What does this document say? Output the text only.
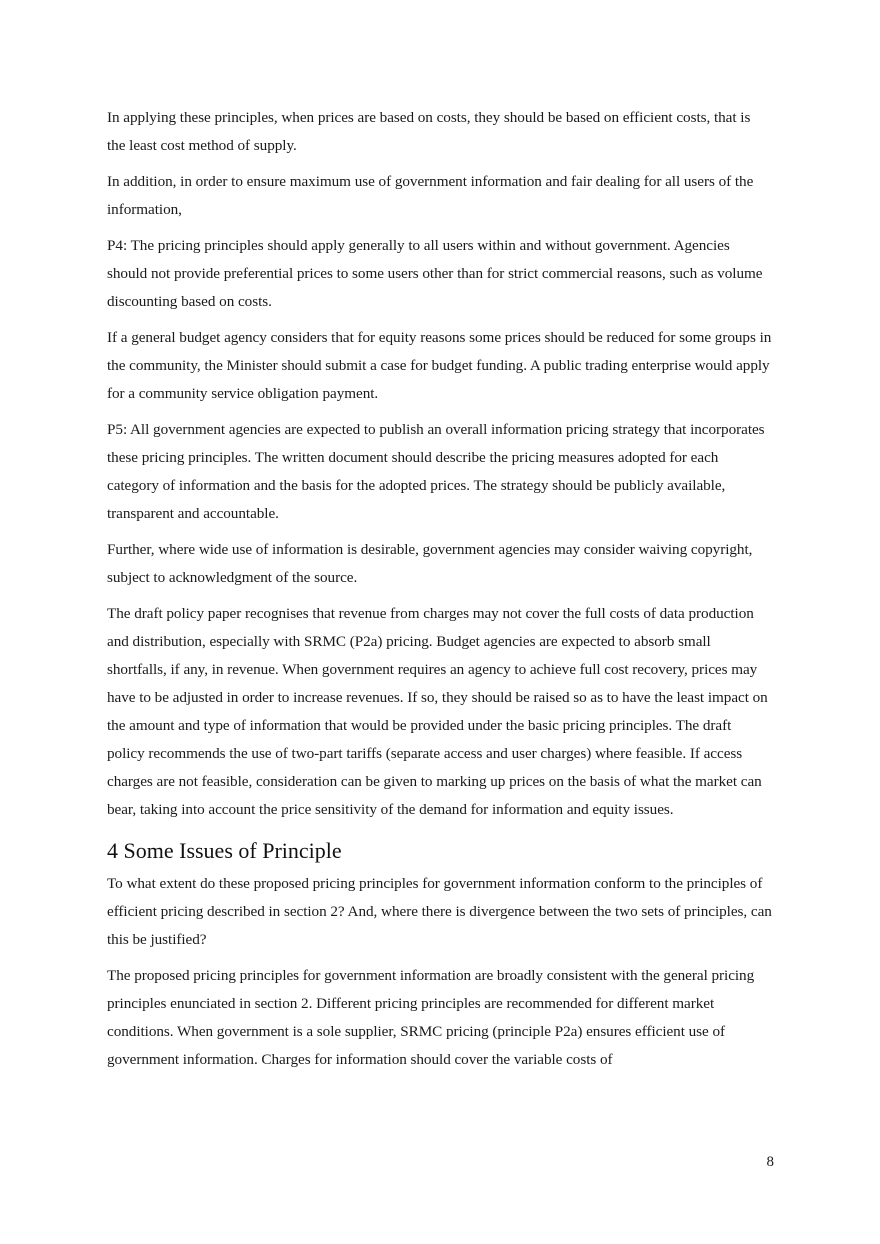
In applying these principles, when prices are based on costs, they should be based on efficient costs, that is the least cost method of supply.

In addition, in order to ensure maximum use of government information and fair dealing for all users of the information,

P4: The pricing principles should apply generally to all users within and without government. Agencies should not provide preferential prices to some users other than for strict commercial reasons, such as volume discounting based on costs.

If a general budget agency considers that for equity reasons some prices should be reduced for some groups in the community, the Minister should submit a case for budget funding. A public trading enterprise would apply for a community service obligation payment.

P5: All government agencies are expected to publish an overall information pricing strategy that incorporates these pricing principles. The written document should describe the pricing measures adopted for each category of information and the basis for the adopted prices. The strategy should be publicly available, transparent and accountable.

Further, where wide use of information is desirable, government agencies may consider waiving copyright, subject to acknowledgment of the source.

The draft policy paper recognises that revenue from charges may not cover the full costs of data production and distribution, especially with SRMC (P2a) pricing. Budget agencies are expected to absorb small shortfalls, if any, in revenue. When government requires an agency to achieve full cost recovery, prices may have to be adjusted in order to increase revenues. If so, they should be raised so as to have the least impact on the amount and type of information that would be provided under the basic pricing principles. The draft policy recommends the use of two-part tariffs (separate access and user charges) where feasible. If access charges are not feasible, consideration can be given to marking up prices on the basis of what the market can bear, taking into account the price sensitivity of the demand for information and equity issues.

4 Some Issues of Principle

To what extent do these proposed pricing principles for government information conform to the principles of efficient pricing described in section 2? And, where there is divergence between the two sets of principles, can this be justified?

The proposed pricing principles for government information are broadly consistent with the general pricing principles enunciated in section 2. Different pricing principles are recommended for different market conditions. When government is a sole supplier, SRMC pricing (principle P2a) ensures efficient use of government information. Charges for information should cover the variable costs of

8
